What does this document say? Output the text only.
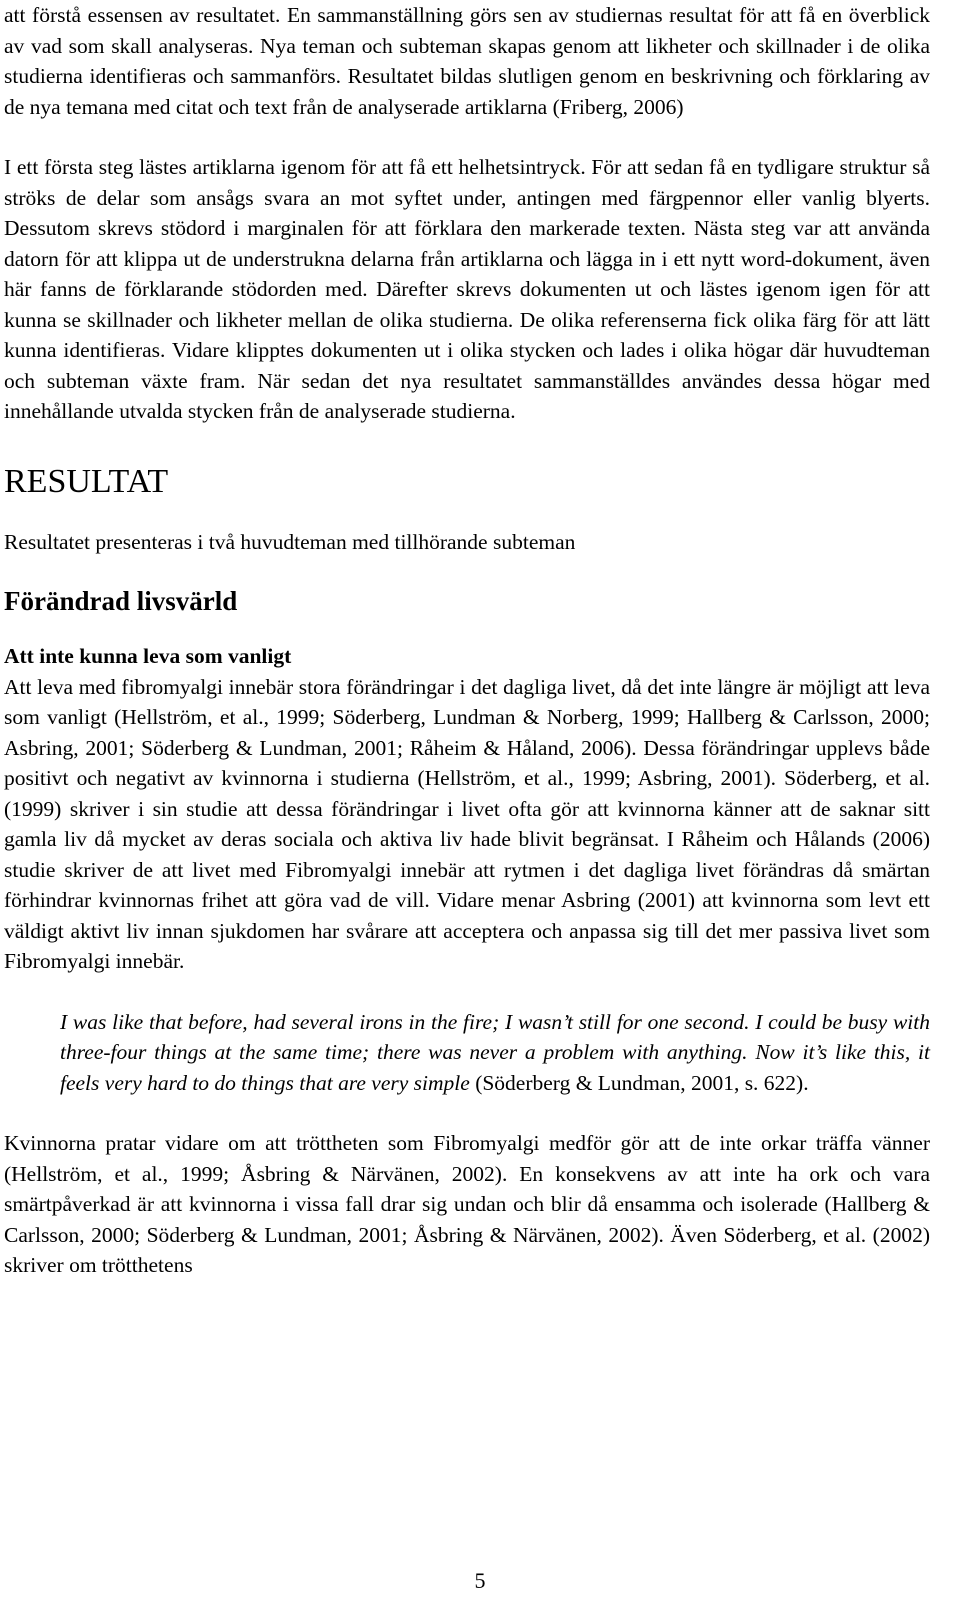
att förstå essensen av resultatet. En sammanställning görs sen av studiernas resultat för att få en överblick av vad som skall analyseras. Nya teman och subteman skapas genom att likheter och skillnader i de olika studierna identifieras och sammanförs. Resultatet bildas slutligen genom en beskrivning och förklaring av de nya temana med citat och text från de analyserade artiklarna (Friberg, 2006)

I ett första steg lästes artiklarna igenom för att få ett helhetsintryck. För att sedan få en tydligare struktur så ströks de delar som ansågs svara an mot syftet under, antingen med färgpennor eller vanlig blyerts. Dessutom skrevs stödord i marginalen för att förklara den markerade texten. Nästa steg var att använda datorn för att klippa ut de understrukna delarna från artiklarna och lägga in i ett nytt word-dokument, även här fanns de förklarande stödorden med. Därefter skrevs dokumenten ut och lästes igenom igen för att kunna se skillnader och likheter mellan de olika studierna. De olika referenserna fick olika färg för att lätt kunna identifieras. Vidare klipptes dokumenten ut i olika stycken och lades i olika högar där huvudteman och subteman växte fram. När sedan det nya resultatet sammanställdes användes dessa högar med innehållande utvalda stycken från de analyserade studierna.

RESULTAT

Resultatet presenteras i två huvudteman med tillhörande subteman

Förändrad livsvärld
Att inte kunna leva som vanligt

Att leva med fibromyalgi innebär stora förändringar i det dagliga livet, då det inte längre är möjligt att leva som vanligt (Hellström, et al., 1999; Söderberg, Lundman & Norberg, 1999; Hallberg & Carlsson, 2000; Asbring, 2001; Söderberg & Lundman, 2001; Råheim & Håland, 2006). Dessa förändringar upplevs både positivt och negativt av kvinnorna i studierna (Hellström, et al., 1999; Asbring, 2001). Söderberg, et al. (1999) skriver i sin studie att dessa förändringar i livet ofta gör att kvinnorna känner att de saknar sitt gamla liv då mycket av deras sociala och aktiva liv hade blivit begränsat. I Råheim och Hålands (2006) studie skriver de att livet med Fibromyalgi innebär att rytmen i det dagliga livet förändras då smärtan förhindrar kvinnornas frihet att göra vad de vill. Vidare menar Asbring (2001) att kvinnorna som levt ett väldigt aktivt liv innan sjukdomen har svårare att acceptera och anpassa sig till det mer passiva livet som Fibromyalgi innebär.

I was like that before, had several irons in the fire; I wasn’t still for one second. I could be busy with three-four things at the same time; there was never a problem with anything. Now it’s like this, it feels very hard to do things that are very simple (Söderberg & Lundman, 2001, s. 622).

Kvinnorna pratar vidare om att tröttheten som Fibromyalgi medför gör att de inte orkar träffa vänner (Hellström, et al., 1999; Åsbring & Närvänen, 2002). En konsekvens av att inte ha ork och vara smärtpåverkad är att kvinnorna i vissa fall drar sig undan och blir då ensamma och isolerade (Hallberg & Carlsson, 2000; Söderberg & Lundman, 2001; Åsbring & Närvänen, 2002). Även Söderberg, et al. (2002) skriver om trötthetens

5
